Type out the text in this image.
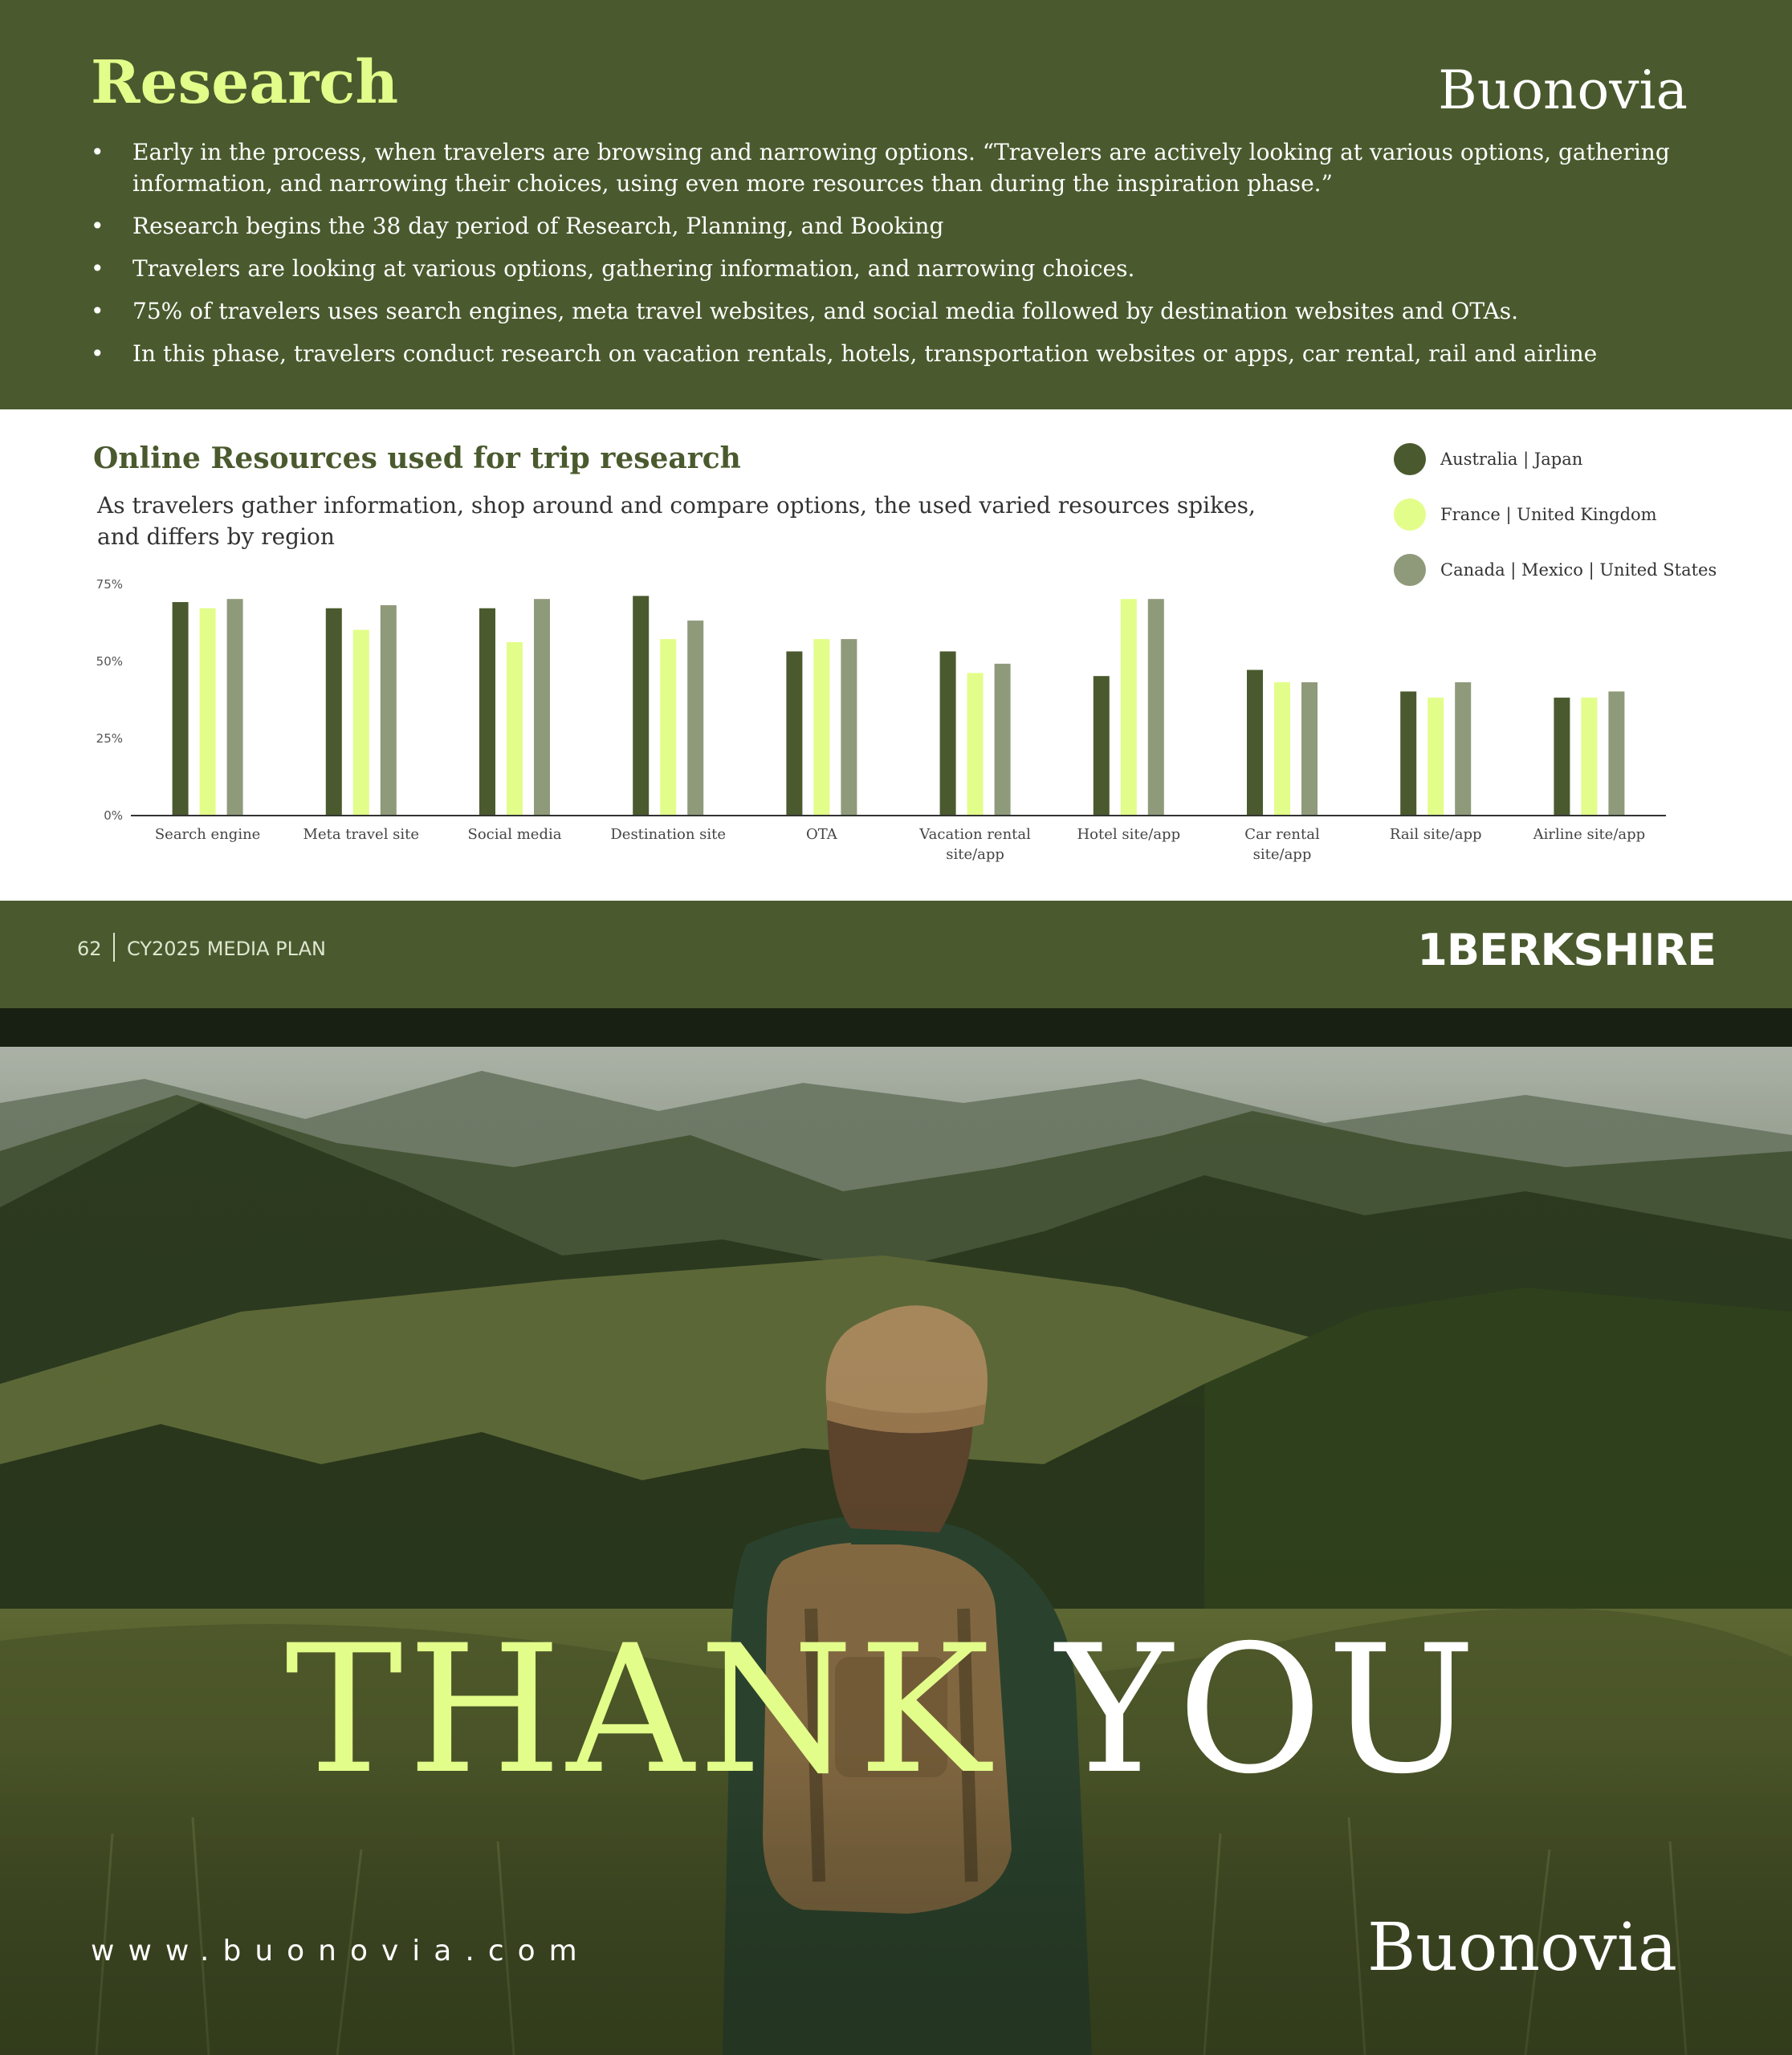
Research	Buonovia
• Early in the process, when travelers are browsing and narrowing options. “Travelers are actively looking at various options, gathering information, and narrowing their choices, using even more resources than during the inspiration phase.”
• Research begins the 38 day period of Research, Planning, and Booking
• Travelers are looking at various options, gathering information, and narrowing choices.
• 75% of travelers uses search engines, meta travel websites, and social media followed by destination websites and OTAs.
• In this phase, travelers conduct research on vacation rentals, hotels, transportation websites or apps, car rental, rail and airline
0%
25%
50%
75%
Search engine	Meta travel site	Social media	Destination site	OTA	Vacation rental site/app
Hotel site/app	Car rental site/app
Rail site/app	Airline site/app
Online Resources used for trip research

As travelers gather information, shop around and compare options, the used varied resources spikes, and differs by region

Australia | Japan
France | United Kingdom
Canada | Mexico | United States
62 CY2025 MEDIA PLAN	1BERKSHIRE
THANK YOU
www.buonovia.com	Buonovia
